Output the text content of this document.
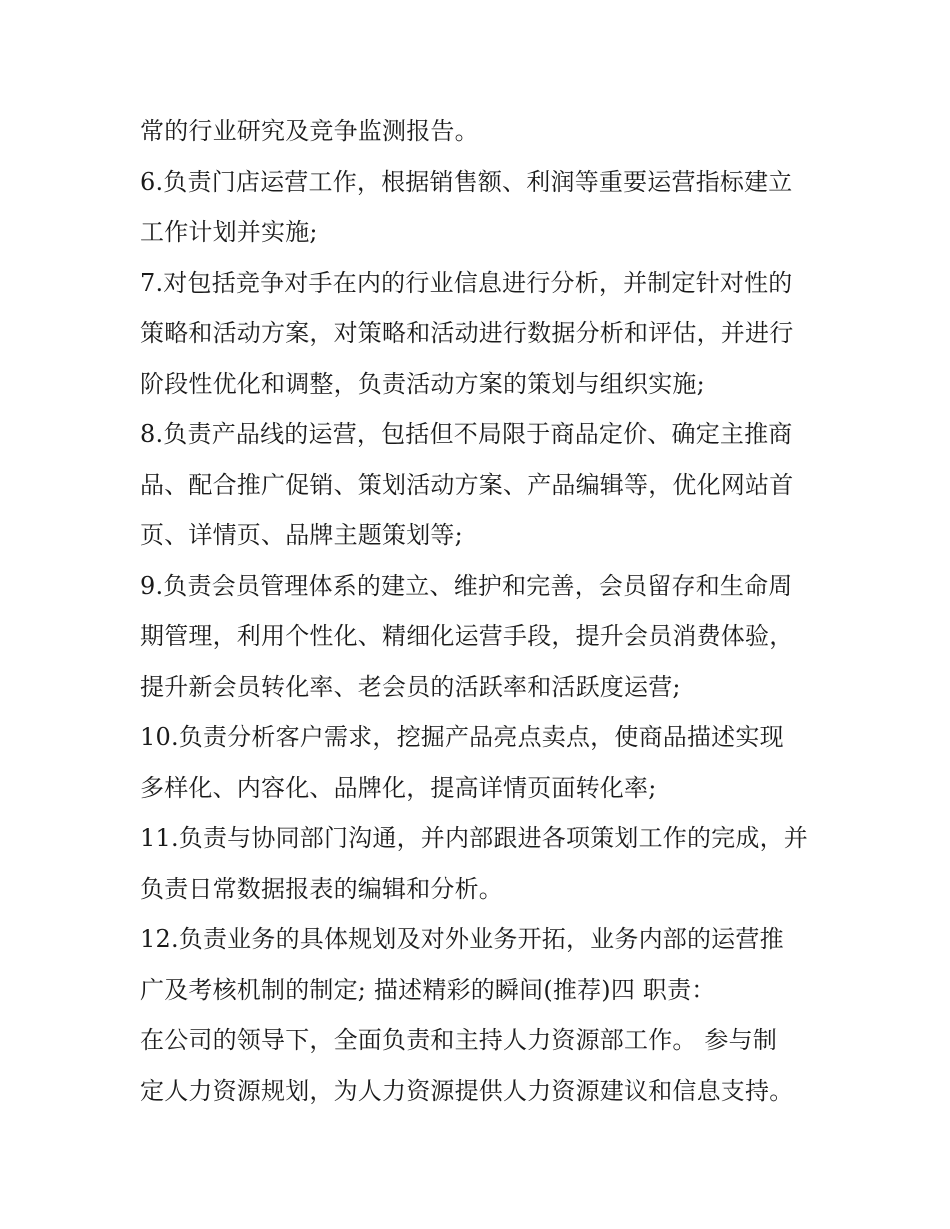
常的行业研究及竞争监测报告。
6.负责门店运营工作，根据销售额、利润等重要运营指标建立
工作计划并实施;
7.对包括竞争对手在内的行业信息进行分析，并制定针对性的
策略和活动方案，对策略和活动进行数据分析和评估，并进行
阶段性优化和调整，负责活动方案的策划与组织实施;
8.负责产品线的运营，包括但不局限于商品定价、确定主推商
品、配合推广促销、策划活动方案、产品编辑等，优化网站首
页、详情页、品牌主题策划等;
9.负责会员管理体系的建立、维护和完善，会员留存和生命周
期管理，利用个性化、精细化运营手段，提升会员消费体验，
提升新会员转化率、老会员的活跃率和活跃度运营;
10.负责分析客户需求，挖掘产品亮点卖点，使商品描述实现
多样化、内容化、品牌化，提高详情页面转化率;
11.负责与协同部门沟通，并内部跟进各项策划工作的完成，并
负责日常数据报表的编辑和分析。
12.负责业务的具体规划及对外业务开拓，业务内部的运营推
广及考核机制的制定; 描述精彩的瞬间(推荐)四 职责：
在公司的领导下，全面负责和主持人力资源部工作。 参与制
定人力资源规划，为人力资源提供人力资源建议和信息支持。
